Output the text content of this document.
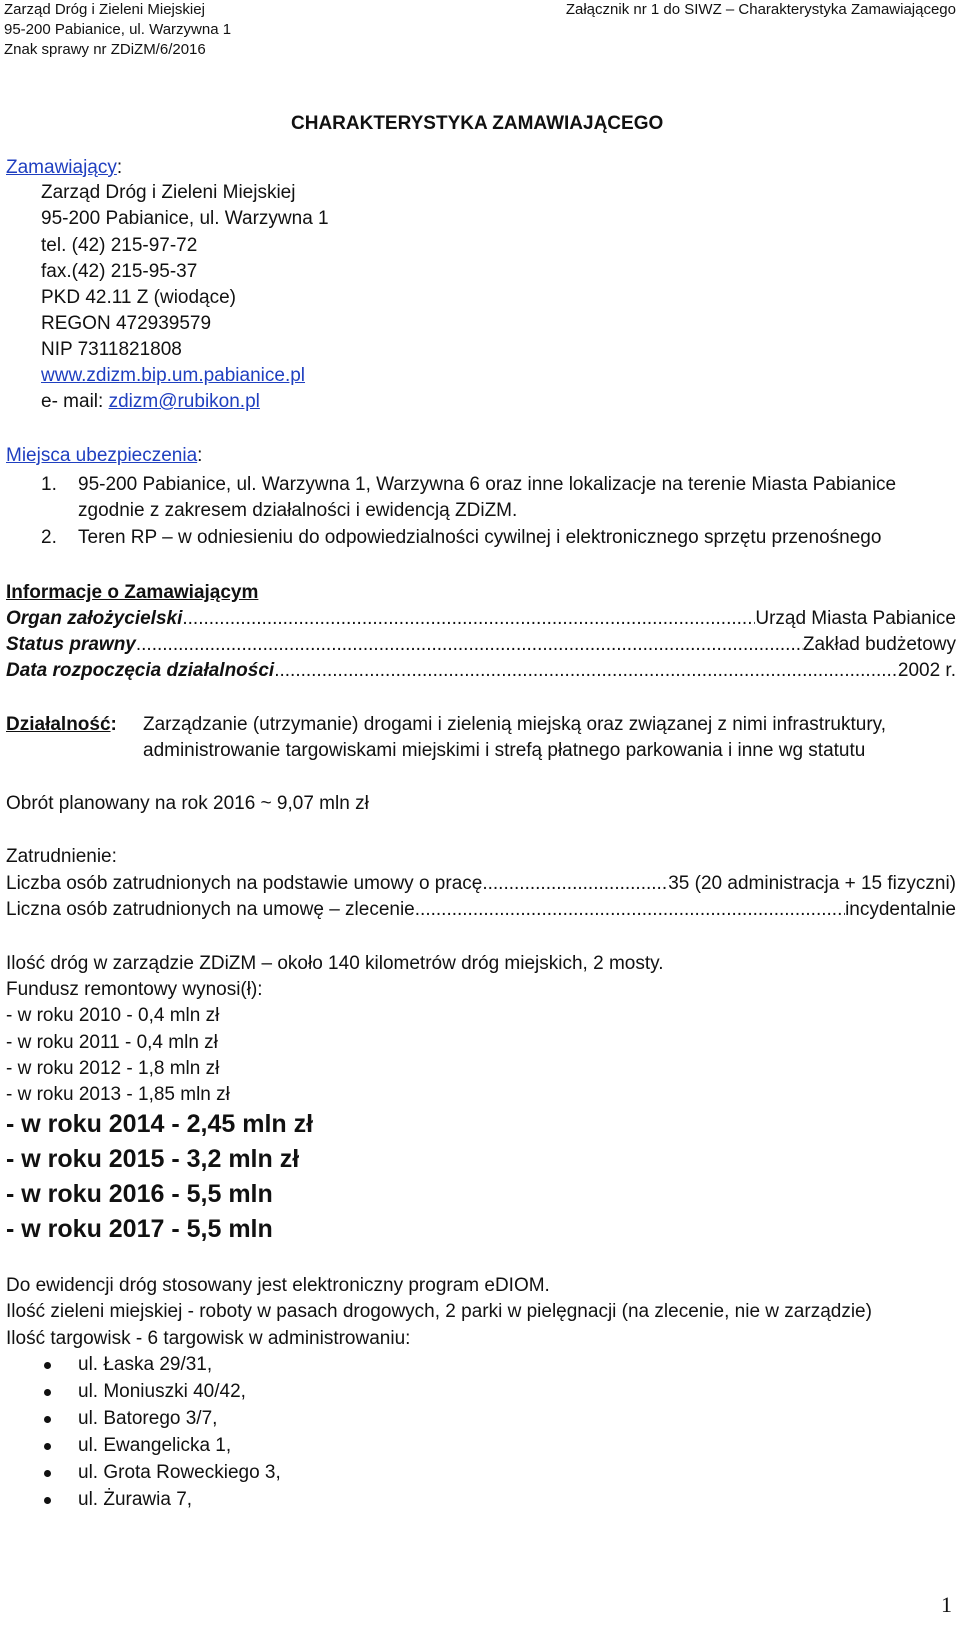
Zarząd Dróg i Zieleni Miejskiej
95-200 Pabianice, ul. Warzywna 1
Znak sprawy nr ZDiZM/6/2016
Załącznik nr 1 do SIWZ – Charakterystyka Zamawiającego
CHARAKTERYSTYKA ZAMAWIAJĄCEGO
Zamawiający:
Zarząd Dróg i Zieleni Miejskiej
95-200 Pabianice, ul. Warzywna 1
tel. (42) 215-97-72
fax.(42) 215-95-37
PKD 42.11 Z (wiodące)
REGON 472939579
NIP 7311821808
www.zdizm.bip.um.pabianice.pl
e- mail: zdizm@rubikon.pl
Miejsca ubezpieczenia:
1. 95-200 Pabianice, ul. Warzywna 1, Warzywna 6 oraz inne lokalizacje na terenie Miasta Pabianice
zgodnie z zakresem działalności i ewidencją ZDiZM.
2. Teren RP – w odniesieniu do odpowiedzialności cywilnej i elektronicznego sprzętu przenośnego
Informacje o Zamawiającym
Organ założycielski .....	Urząd Miasta Pabianice
Status prawny .....	Zakład budżetowy
Data rozpoczęcia działalności .....	2002 r.
Działalność: Zarządzanie (utrzymanie) drogami i zielenią miejską oraz związanej z nimi infrastruktury,
administrowanie targowiskami miejskimi i strefą płatnego parkowania i inne wg statutu
Obrót planowany na rok 2016 ~ 9,07 mln zł
Zatrudnienie:
Liczba osób zatrudnionych na podstawie umowy o pracę .....	35 (20 administracja + 15 fizyczni)
Liczna osób zatrudnionych na umowę – zlecenie .....	incydentalnie
Ilość dróg w zarządzie ZDiZM – około 140 kilometrów dróg miejskich, 2 mosty.
Fundusz remontowy wynosi(ł):
- w roku 2010 - 0,4 mln zł
- w roku 2011 - 0,4 mln zł
- w roku 2012 - 1,8 mln zł
- w roku 2013 - 1,85 mln zł
- w roku 2014 - 2,45 mln zł
- w roku 2015 - 3,2 mln zł
- w roku 2016 - 5,5 mln
- w roku 2017 - 5,5 mln
Do ewidencji dróg stosowany jest elektroniczny program eDIOM.
Ilość zieleni miejskiej - roboty w pasach drogowych, 2 parki w pielęgnacji (na zlecenie, nie w zarządzie)
Ilość targowisk - 6 targowisk w administrowaniu:
ul. Łaska 29/31,
ul. Moniuszki 40/42,
ul. Batorego 3/7,
ul. Ewangelicka 1,
ul. Grota Roweckiego 3,
ul. Żurawia 7,
1
